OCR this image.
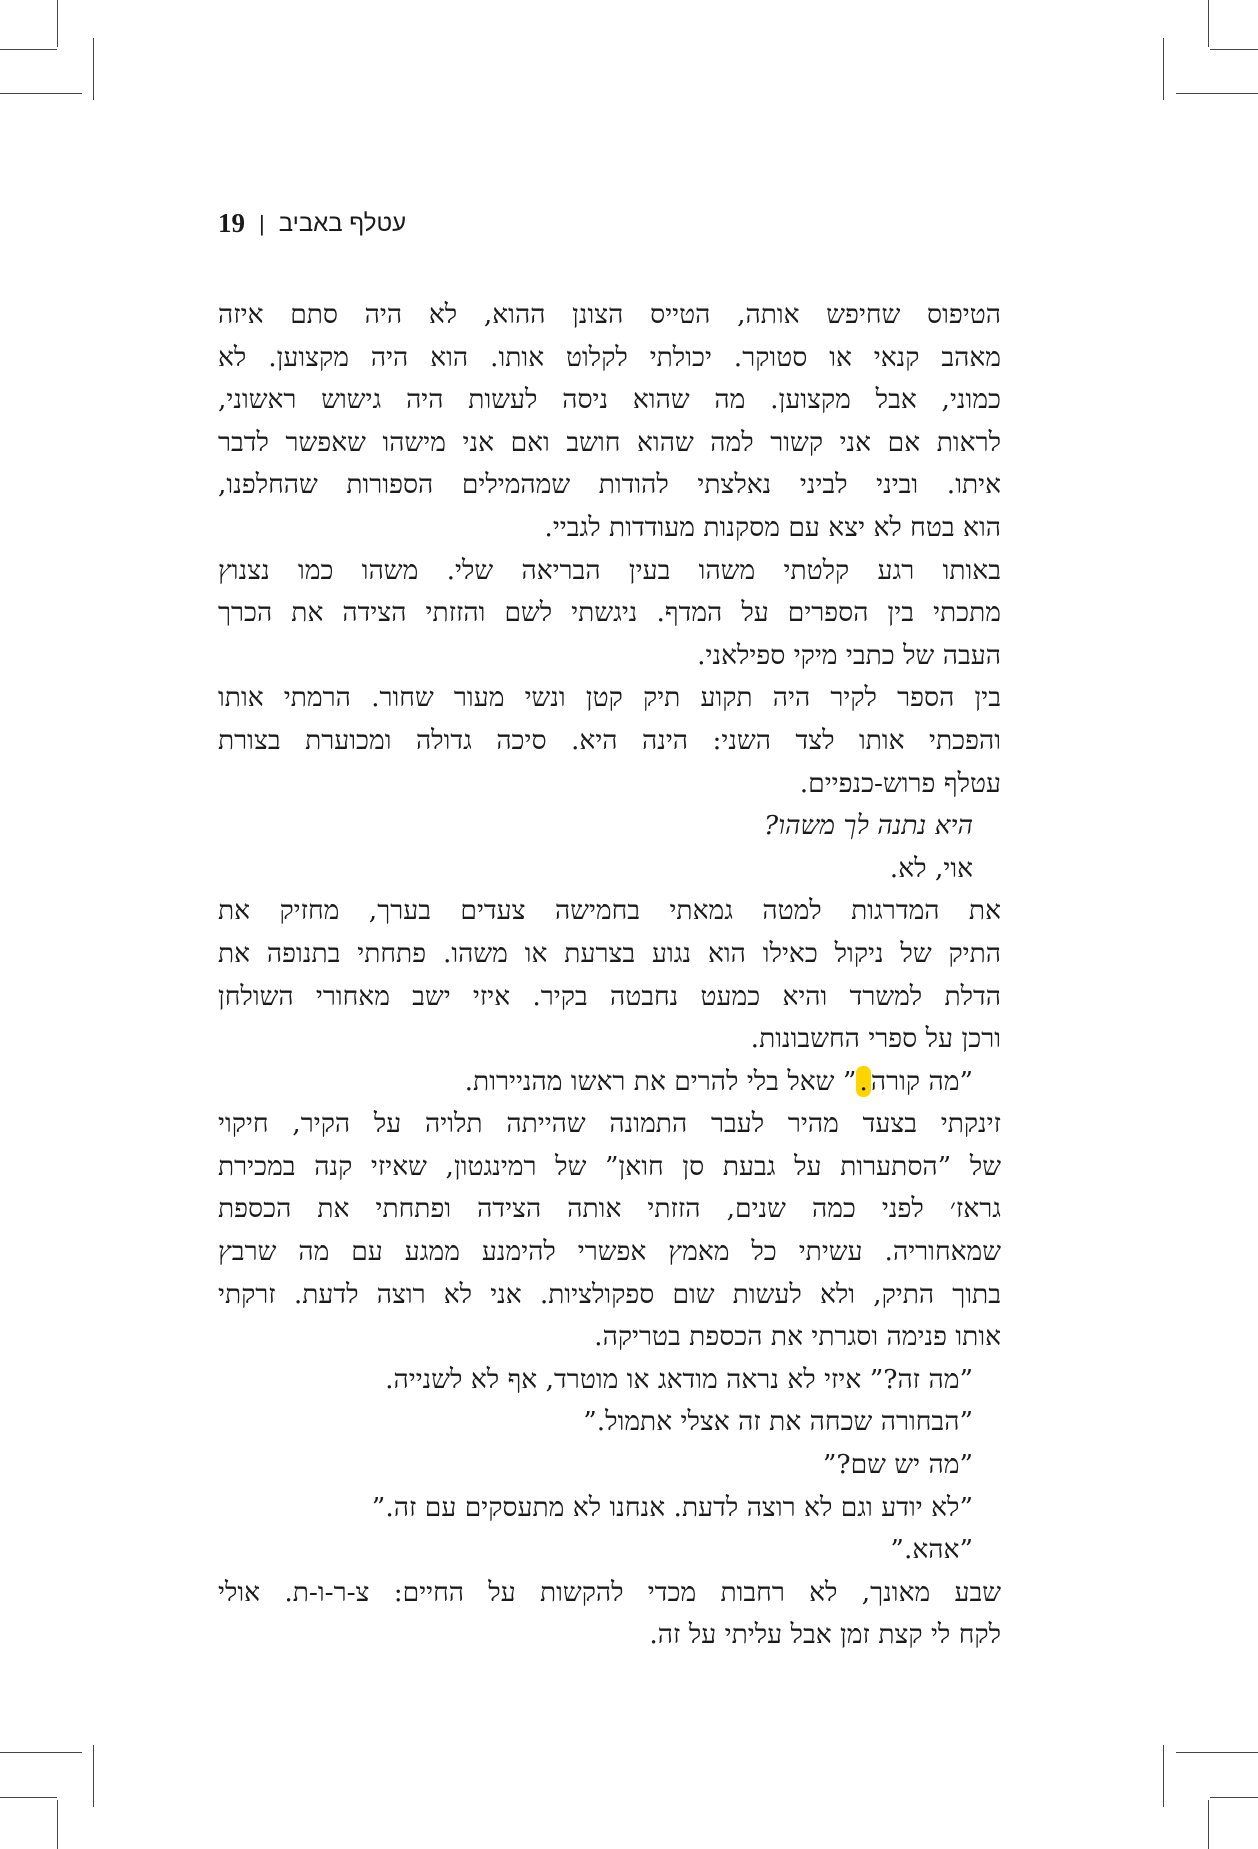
19 | עטלף באביב
הטיפוס שחיפש אותה, הטייס הצונן ההוא, לא היה סתם איזה
מאהב קנאי או סטוקר. יכולתי לקלוט אותו. הוא היה מקצוען. לא
כמוני, אבל מקצוען. מה שהוא ניסה לעשות היה גישוש ראשוני,
לראות אם אני קשור למה שהוא חושב ואם אני מישהו שאפשר לדבר
איתו. וביני לביני נאלצתי להודות שמהמילים הספורות שהחלפנו,
הוא בטח לא יצא עם מסקנות מעודדות לגביי.
באותו רגע קלטתי משהו בעין הבריאה שלי. משהו כמו נצנוץ
מתכתי בין הספרים על המדף. ניגשתי לשם והזזתי הצידה את הכרך
העבה של כתבי מיקי ספילאני.
בין הספר לקיר היה תקוע תיק קטן ונשי מעור שחור. הרמתי אותו
והפכתי אותו לצד השני: הינה היא. סיכה גדולה ומכוערת בצורת
עטלף פרוש-כנפיים.
היא נתנה לך משהו?
אוי, לא.
את המדרגות למטה גמאתי בחמישה צעדים בערך, מחזיק את
התיק של ניקול כאילו הוא נגוע בצרעת או משהו. פתחתי בתנופה את
הדלת למשרד והיא כמעט נחבטה בקיר. איזי ישב מאחורי השולחן
ורכן על ספרי החשבונות.
”מה קורה.” שאל בלי להרים את ראשו מהניירות.
זינקתי בצעד מהיר לעבר התמונה שהייתה תלויה על הקיר, חיקוי
של ”הסתערות על גבעת סן חואן” של רמינגטון, שאיזי קנה במכירת
גראז׳ לפני כמה שנים, הזזתי אותה הצידה ופתחתי את הכספת
שמאחוריה. עשיתי כל מאמץ אפשרי להימנע ממגע עם מה שרבץ
בתוך התיק, ולא לעשות שום ספקולציות. אני לא רוצה לדעת. זרקתי
אותו פנימה וסגרתי את הכספת בטריקה.
”מה זה?” איזי לא נראה מודאג או מוטרד, אף לא לשנייה.
”הבחורה שכחה את זה אצלי אתמול.”
”מה יש שם?”
”לא יודע וגם לא רוצה לדעת. אנחנו לא מתעסקים עם זה.”
”אהא.”
שבע מאונך, לא רחבות מכדי להקשות על החיים: צ-ר-ו-ת. אולי
לקח לי קצת זמן אבל עליתי על זה.
